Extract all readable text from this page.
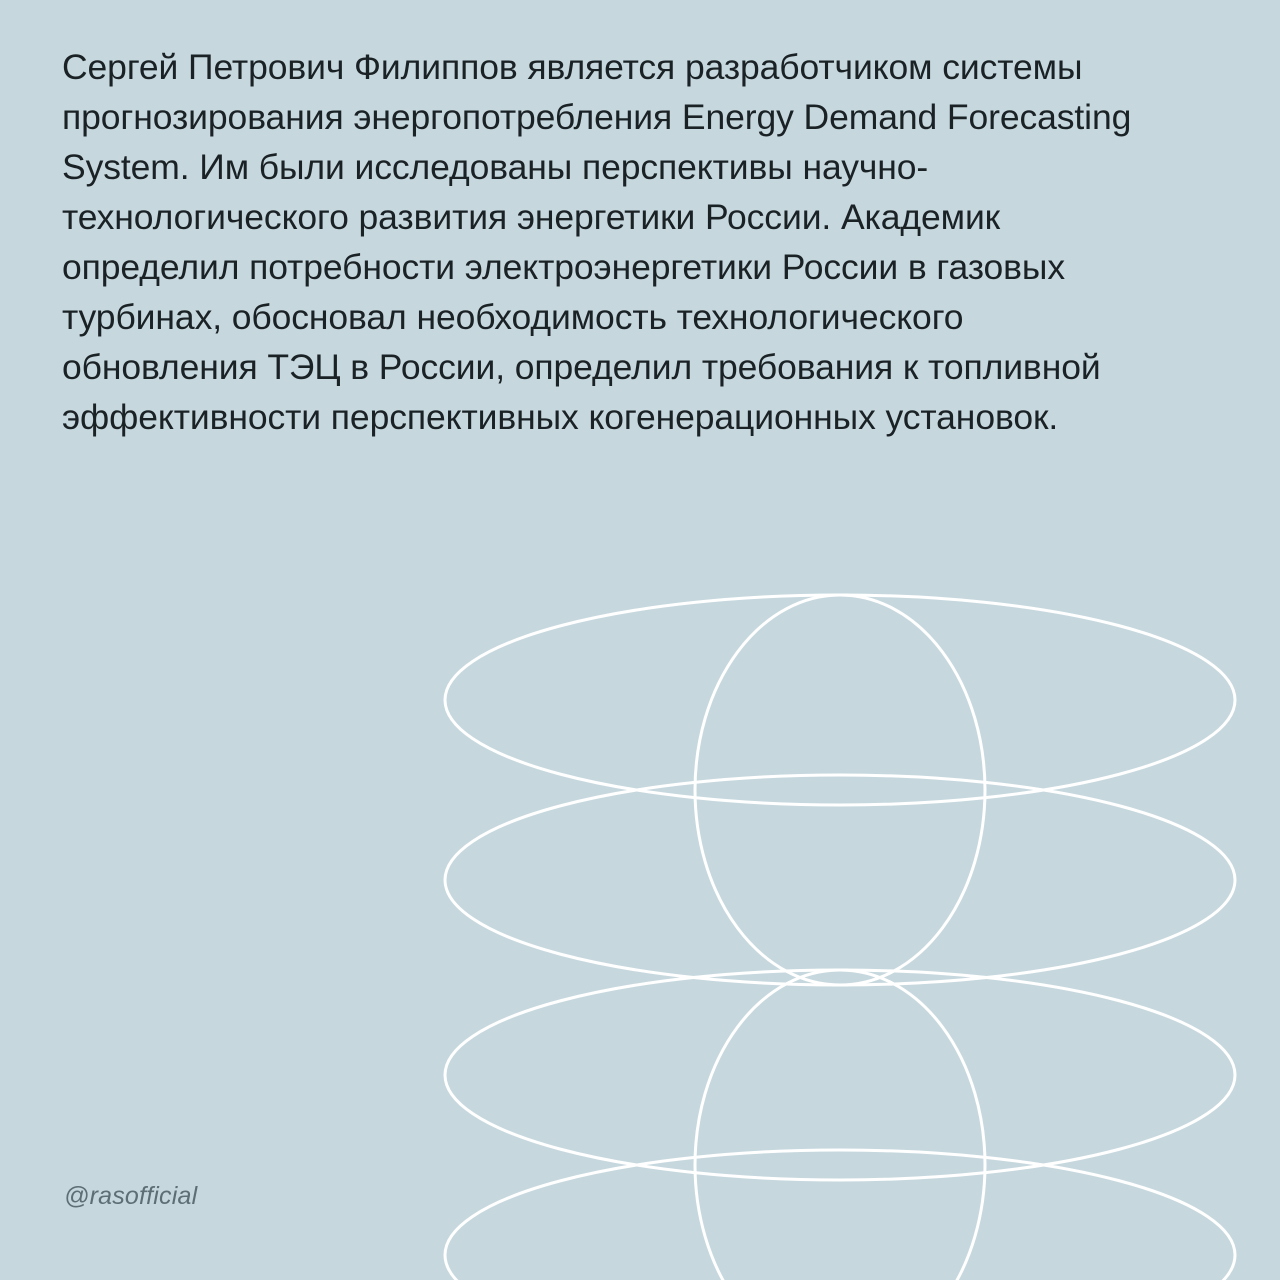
Сергей Петрович Филиппов является разработчиком системы прогнозирования энергопотребления Energy Demand Forecasting System. Им были исследованы перспективы научно-технологического развития энергетики России. Академик определил потребности электроэнергетики России в газовых турбинах, обосновал необходимость технологического обновления ТЭЦ в России, определил требования к топливной эффективности перспективных когенерационных установок.
@rasofficial
